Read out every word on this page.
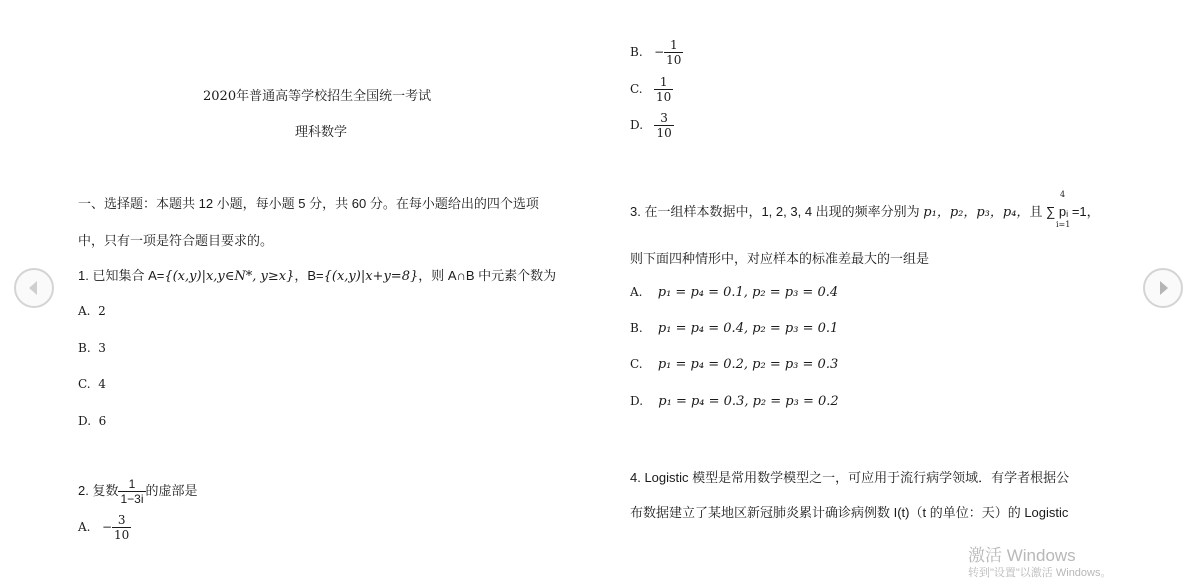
2020年普通高等学校招生全国统一考试
理科数学
一、选择题：本题共 12 小题，每小题 5 分，共 60 分。在每小题给出的四个选项
中，只有一项是符合题目要求的。
1. 已知集合 A={(x,y)|x,y∈N*, y≥x}，B={(x,y)|x+y=8}，则 A∩B 中元素个数为
A. 2
B. 3
C. 4
D. 6
2. 复数 $\frac{1}{1-3i}$ 的虚部是
A. − $\frac{3}{10}$
B. − $\frac{1}{10}$
C. $\frac{1}{10}$
D. $\frac{3}{10}$
3. 在一组样本数据中，1, 2, 3, 4 出现的频率分别为 p₁，p₂，p₃，p₄，且 ∑ pᵢ =1，
4
i=1
则下面四种情形中，对应样本的标准差最大的一组是
A. p₁ = p₄ = 0.1, p₂ = p₃ = 0.4
B. p₁ = p₄ = 0.4, p₂ = p₃ = 0.1
C. p₁ = p₄ = 0.2, p₂ = p₃ = 0.3
D. p₁ = p₄ = 0.3, p₂ = p₃ = 0.2
4. Logistic 模型是常用数学模型之一，可应用于流行病学领域．有学者根据公
布数据建立了某地区新冠肺炎累计确诊病例数 I(t)（t 的单位：天）的 Logistic
激活 Windows
转到"设置"以激活 Windows。
